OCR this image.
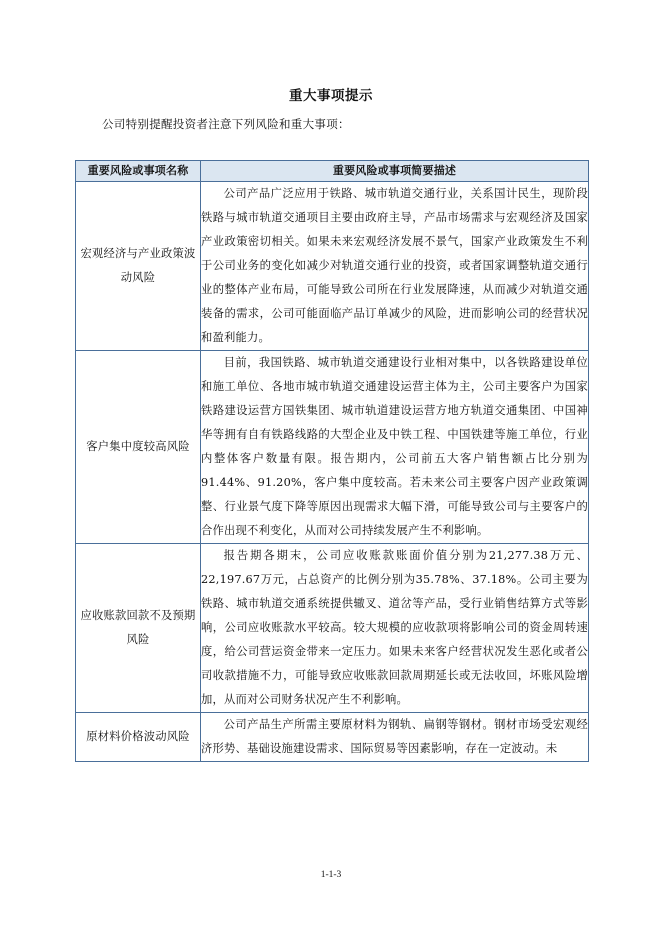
重大事项提示
公司特别提醒投资者注意下列风险和重大事项：
重要风险或事项名称	重要风险或事项简要描述
宏观经济与产业政策波动风险	公司产品广泛应用于铁路、城市轨道交通行业，关系国计民生，现阶段铁路与城市轨道交通项目主要由政府主导，产品市场需求与宏观经济及国家产业政策密切相关。如果未来宏观经济发展不景气，国家产业政策发生不利于公司业务的变化如减少对轨道交通行业的投资，或者国家调整轨道交通行业的整体产业布局，可能导致公司所在行业发展降速，从而减少对轨道交通装备的需求，公司可能面临产品订单减少的风险，进而影响公司的经营状况和盈利能力。
客户集中度较高风险	目前，我国铁路、城市轨道交通建设行业相对集中，以各铁路建设单位和施工单位、各地市城市轨道交通建设运营主体为主，公司主要客户为国家铁路建设运营方国铁集团、城市轨道建设运营方地方轨道交通集团、中国神华等拥有自有铁路线路的大型企业及中铁工程、中国铁建等施工单位，行业内整体客户数量有限。报告期内，公司前五大客户销售额占比分别为91.44%、91.20%，客户集中度较高。若未来公司主要客户因产业政策调整、行业景气度下降等原因出现需求大幅下滑，可能导致公司与主要客户的合作出现不利变化，从而对公司持续发展产生不利影响。
应收账款回款不及预期风险	报告期各期末，公司应收账款账面价值分别为21,277.38万元、22,197.67万元，占总资产的比例分别为35.78%、37.18%。公司主要为铁路、城市轨道交通系统提供辙叉、道岔等产品，受行业销售结算方式等影响，公司应收账款水平较高。较大规模的应收款项将影响公司的资金周转速度，给公司营运资金带来一定压力。如果未来客户经营状况发生恶化或者公司收款措施不力，可能导致应收账款回款周期延长或无法收回，坏账风险增加，从而对公司财务状况产生不利影响。
原材料价格波动风险	公司产品生产所需主要原材料为钢轨、扁钢等钢材。钢材市场受宏观经济形势、基础设施建设需求、国际贸易等因素影响，存在一定波动。未
1-1-3
